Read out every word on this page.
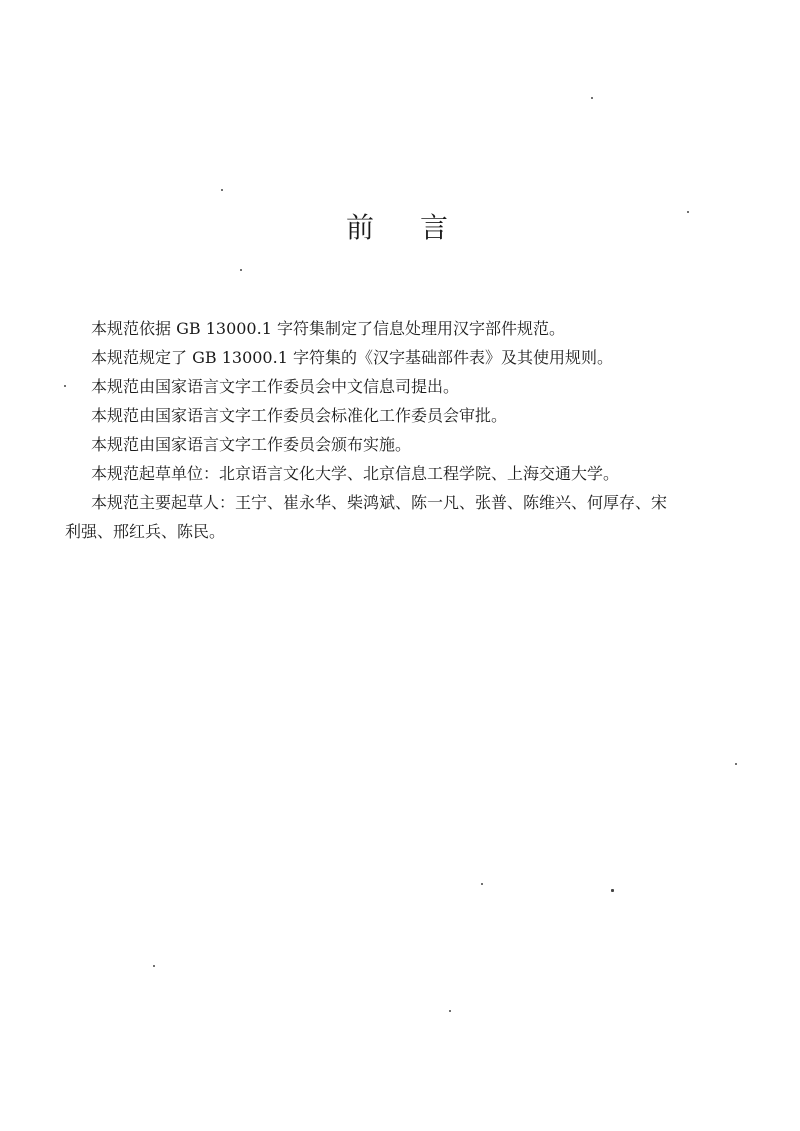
前言

本规范依据 GB 13000.1 字符集制定了信息处理用汉字部件规范。

本规范规定了 GB 13000.1 字符集的《汉字基础部件表》及其使用规则。

本规范由国家语言文字工作委员会中文信息司提出。

本规范由国家语言文字工作委员会标准化工作委员会审批。

本规范由国家语言文字工作委员会颁布实施。

本规范起草单位：北京语言文化大学、北京信息工程学院、上海交通大学。

本规范主要起草人：王宁、崔永华、柴鸿斌、陈一凡、张普、陈维兴、何厚存、宋
利强、邢红兵、陈民。
